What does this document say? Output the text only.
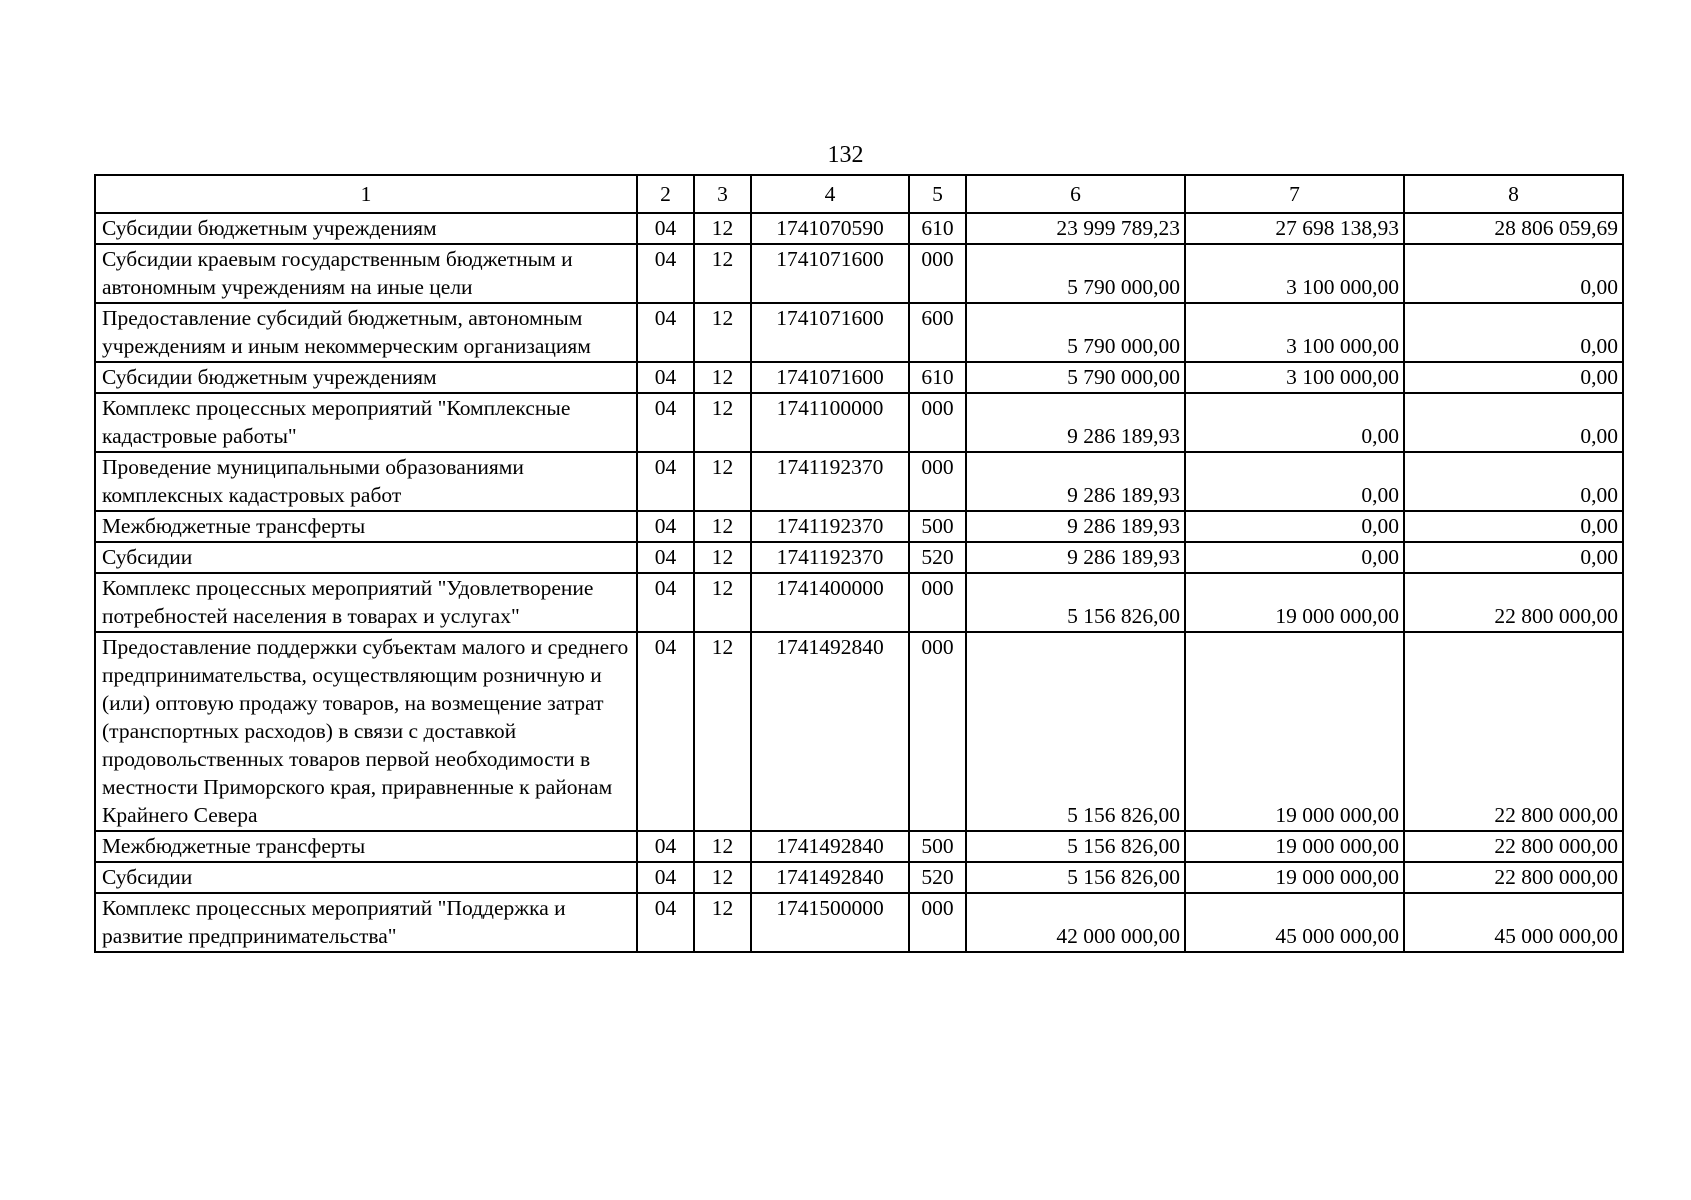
132
1	2	3	4	5	6	7	8
Субсидии бюджетным учреждениям	04	12	1741070590	610	23 999 789,23	27 698 138,93	28 806 059,69
Субсидии краевым государственным бюджетным и автономным учреждениям на иные цели	04	12	1741071600	000	5 790 000,00	3 100 000,00	0,00
Предоставление субсидий бюджетным, автономным учреждениям и иным некоммерческим организациям	04	12	1741071600	600	5 790 000,00	3 100 000,00	0,00
Субсидии бюджетным учреждениям	04	12	1741071600	610	5 790 000,00	3 100 000,00	0,00
Комплекс процессных мероприятий "Комплексные кадастровые работы"	04	12	1741100000	000	9 286 189,93	0,00	0,00
Проведение муниципальными образованиями комплексных кадастровых работ	04	12	1741192370	000	9 286 189,93	0,00	0,00
Межбюджетные трансферты	04	12	1741192370	500	9 286 189,93	0,00	0,00
Субсидии	04	12	1741192370	520	9 286 189,93	0,00	0,00
Комплекс процессных мероприятий "Удовлетворение потребностей населения в товарах и услугах"	04	12	1741400000	000	5 156 826,00	19 000 000,00	22 800 000,00
Предоставление поддержки субъектам малого и среднего предпринимательства, осуществляющим розничную и (или) оптовую продажу товаров, на возмещение затрат (транспортных расходов) в связи с доставкой продовольственных товаров первой необходимости в местности Приморского края, приравненные к районам Крайнего Севера	04	12	1741492840	000	5 156 826,00	19 000 000,00	22 800 000,00
Межбюджетные трансферты	04	12	1741492840	500	5 156 826,00	19 000 000,00	22 800 000,00
Субсидии	04	12	1741492840	520	5 156 826,00	19 000 000,00	22 800 000,00
Комплекс процессных мероприятий "Поддержка и развитие предпринимательства"	04	12	1741500000	000	42 000 000,00	45 000 000,00	45 000 000,00
